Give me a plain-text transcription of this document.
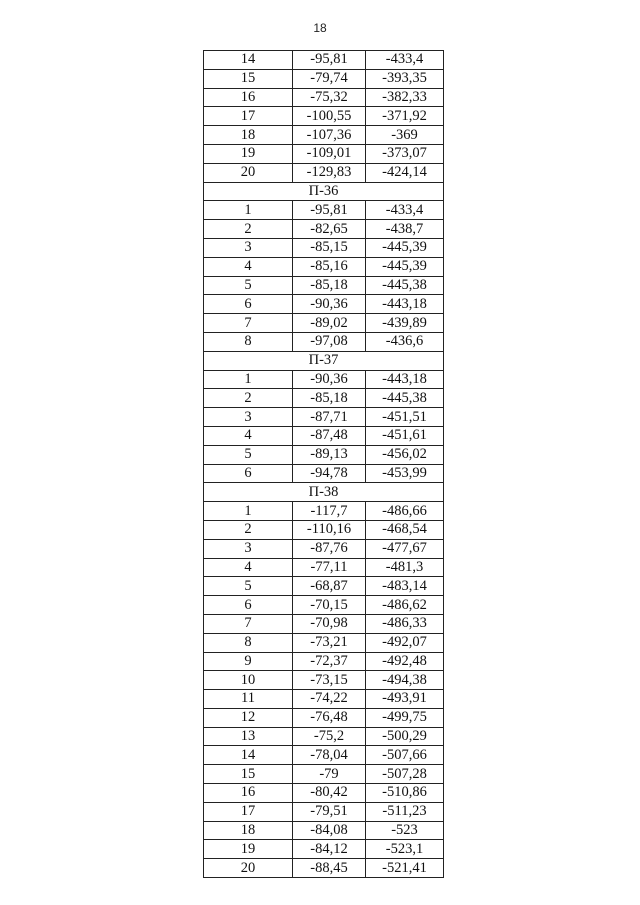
18
14	-95,81	-433,4
15	-79,74	-393,35
16	-75,32	-382,33
17	-100,55	-371,92
18	-107,36	-369
19	-109,01	-373,07
20	-129,83	-424,14
П-36		
1	-95,81	-433,4
2	-82,65	-438,7
3	-85,15	-445,39
4	-85,16	-445,39
5	-85,18	-445,38
6	-90,36	-443,18
7	-89,02	-439,89
8	-97,08	-436,6
П-37		
1	-90,36	-443,18
2	-85,18	-445,38
3	-87,71	-451,51
4	-87,48	-451,61
5	-89,13	-456,02
6	-94,78	-453,99
П-38		
1	-117,7	-486,66
2	-110,16	-468,54
3	-87,76	-477,67
4	-77,11	-481,3
5	-68,87	-483,14
6	-70,15	-486,62
7	-70,98	-486,33
8	-73,21	-492,07
9	-72,37	-492,48
10	-73,15	-494,38
11	-74,22	-493,91
12	-76,48	-499,75
13	-75,2	-500,29
14	-78,04	-507,66
15	-79	-507,28
16	-80,42	-510,86
17	-79,51	-511,23
18	-84,08	-523
19	-84,12	-523,1
20	-88,45	-521,41
